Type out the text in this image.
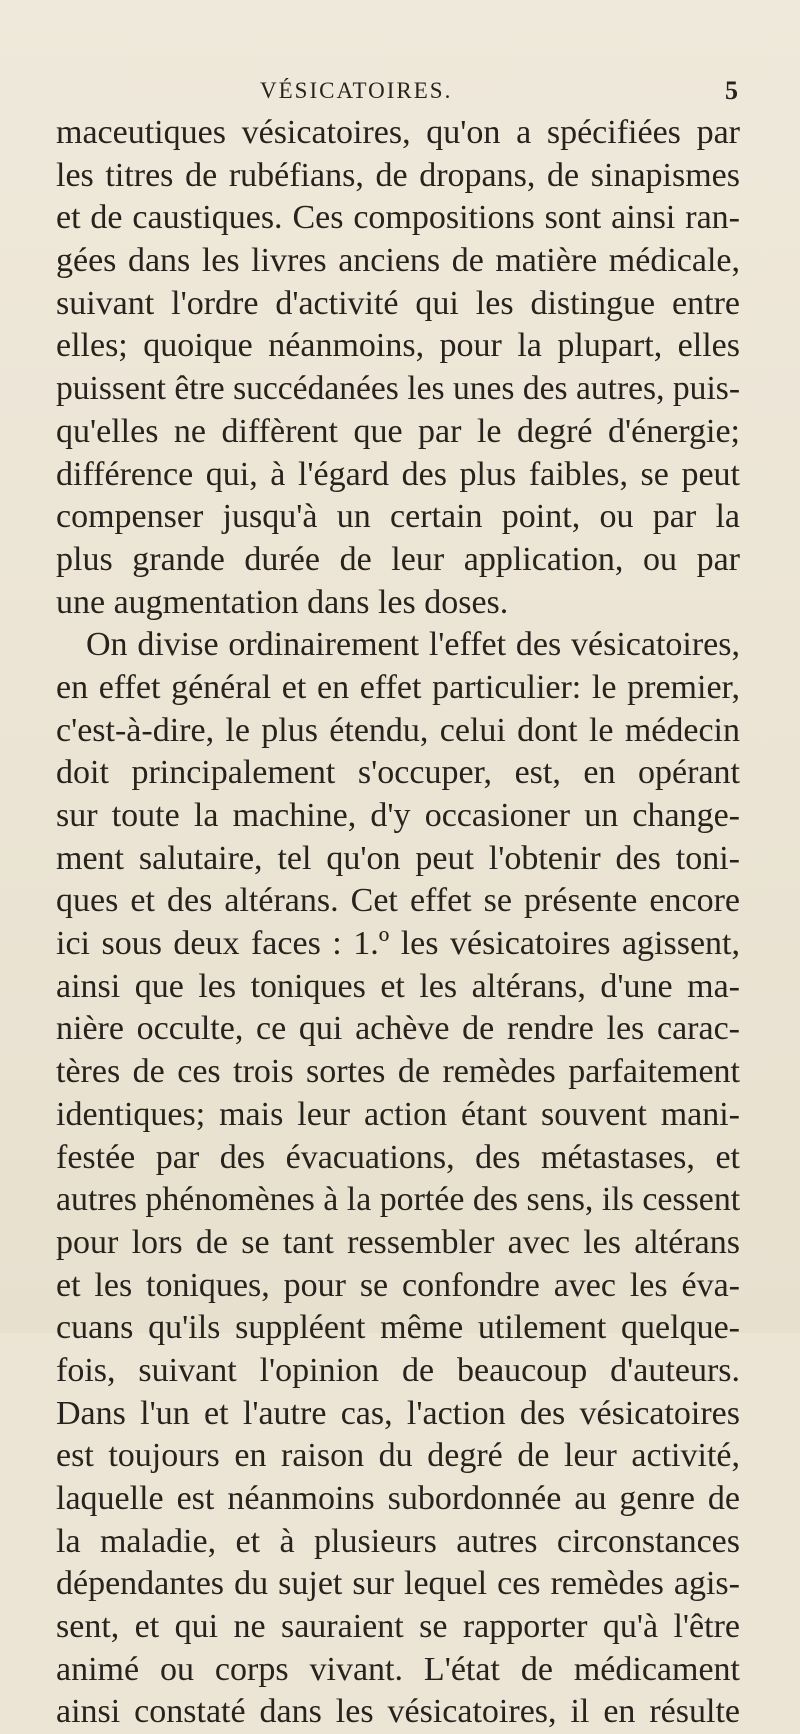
VÉSICATOIRES.	5
maceutiques vésicatoires, qu'on a spécifiées par
les titres de rubéfians, de dropans, de sinapismes
et de caustiques. Ces compositions sont ainsi ran-
gées dans les livres anciens de matière médicale,
suivant l'ordre d'activité qui les distingue entre
elles; quoique néanmoins, pour la plupart, elles
puissent être succédanées les unes des autres, puis-
qu'elles ne diffèrent que par le degré d'énergie;
différence qui, à l'égard des plus faibles, se peut
compenser jusqu'à un certain point, ou par la
plus grande durée de leur application, ou par
une augmentation dans les doses.
On divise ordinairement l'effet des vésicatoires,
en effet général et en effet particulier: le premier,
c'est-à-dire, le plus étendu, celui dont le médecin
doit principalement s'occuper, est, en opérant
sur toute la machine, d'y occasioner un change-
ment salutaire, tel qu'on peut l'obtenir des toni-
ques et des altérans. Cet effet se présente encore
ici sous deux faces : 1.º les vésicatoires agissent,
ainsi que les toniques et les altérans, d'une ma-
nière occulte, ce qui achève de rendre les carac-
tères de ces trois sortes de remèdes parfaitement
identiques; mais leur action étant souvent mani-
festée par des évacuations, des métastases, et
autres phénomènes à la portée des sens, ils cessent
pour lors de se tant ressembler avec les altérans
et les toniques, pour se confondre avec les éva-
cuans qu'ils suppléent même utilement quelque-
fois, suivant l'opinion de beaucoup d'auteurs.
Dans l'un et l'autre cas, l'action des vésicatoires
est toujours en raison du degré de leur activité,
laquelle est néanmoins subordonnée au genre de
la maladie, et à plusieurs autres circonstances
dépendantes du sujet sur lequel ces remèdes agis-
sent, et qui ne sauraient se rapporter qu'à l'être
animé ou corps vivant. L'état de médicament
ainsi constaté dans les vésicatoires, il en résulte
